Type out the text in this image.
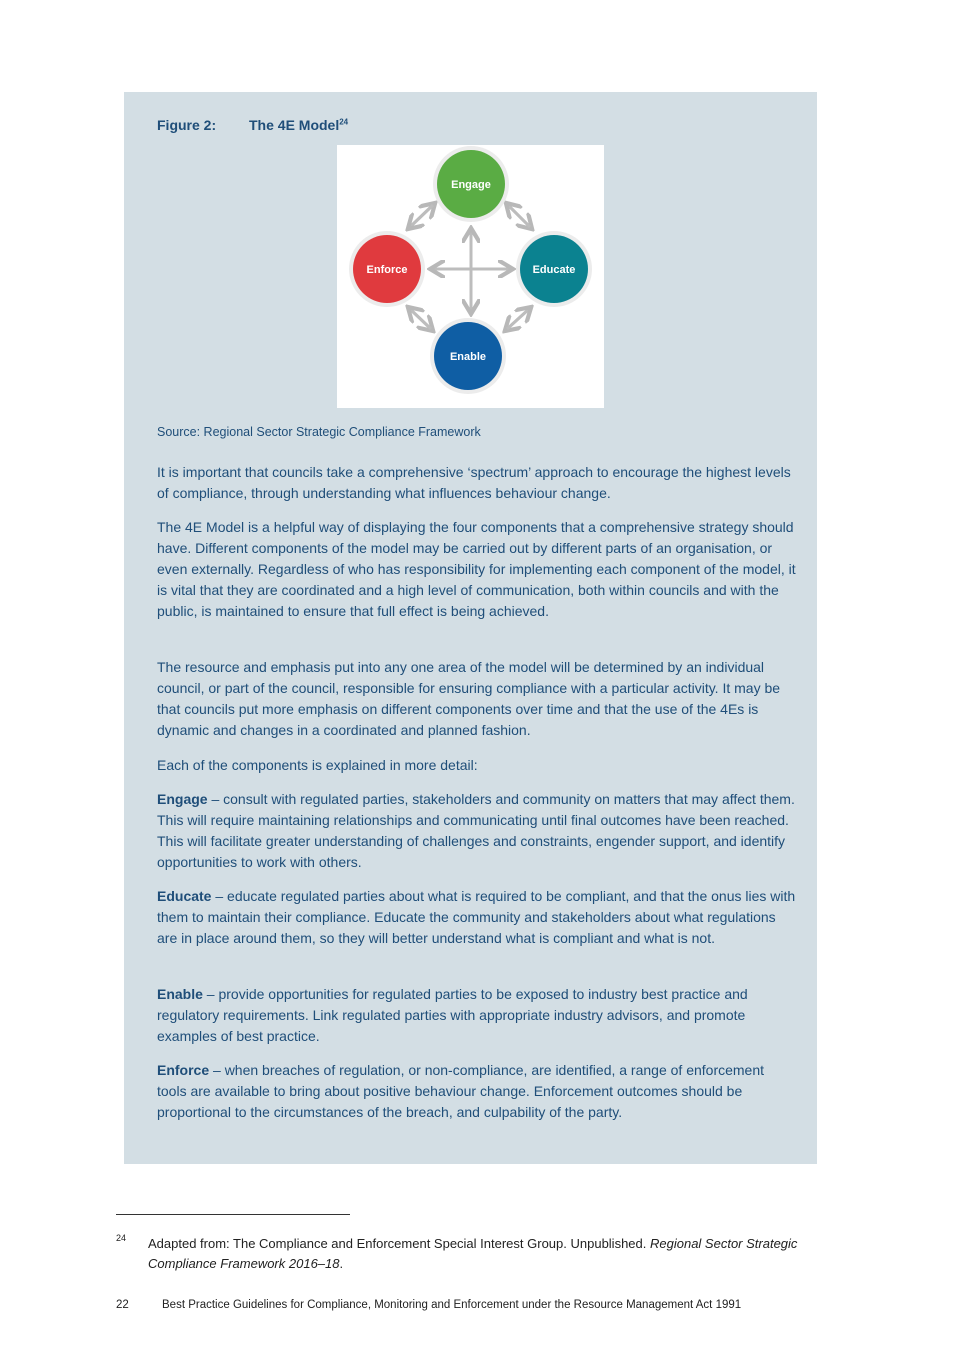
Figure 2: The 4E Model$^{24}$
Engage
Enforce	Educate
Enable
Source: Regional Sector Strategic Compliance Framework

It is important that councils take a comprehensive ‘spectrum’ approach to encourage the highest levels of compliance, through understanding what influences behaviour change.

The 4E Model is a helpful way of displaying the four components that a comprehensive strategy should have. Different components of the model may be carried out by different parts of an organisation, or even externally. Regardless of who has responsibility for implementing each component of the model, it is vital that they are coordinated and a high level of communication, both within councils and with the public, is maintained to ensure that full effect is being achieved.

The resource and emphasis put into any one area of the model will be determined by an individual council, or part of the council, responsible for ensuring compliance with a particular activity. It may be that councils put more emphasis on different components over time and that the use of the 4Es is dynamic and changes in a coordinated and planned fashion.

Each of the components is explained in more detail:

Engage – consult with regulated parties, stakeholders and community on matters that may affect them. This will require maintaining relationships and communicating until final outcomes have been reached. This will facilitate greater understanding of challenges and constraints, engender support, and identify opportunities to work with others.

Educate – educate regulated parties about what is required to be compliant, and that the onus lies with them to maintain their compliance. Educate the community and stakeholders about what regulations are in place around them, so they will better understand what is compliant and what is not.

Enable – provide opportunities for regulated parties to be exposed to industry best practice and regulatory requirements. Link regulated parties with appropriate industry advisors, and promote examples of best practice.

Enforce – when breaches of regulation, or non-compliance, are identified, a range of enforcement tools are available to bring about positive behaviour change. Enforcement outcomes should be proportional to the circumstances of the breach, and culpability of the party.

24 Adapted from: The Compliance and Enforcement Special Interest Group. Unpublished. Regional Sector Strategic Compliance Framework 2016–18.
22	Best Practice Guidelines for Compliance, Monitoring and Enforcement under the Resource Management Act 1991
